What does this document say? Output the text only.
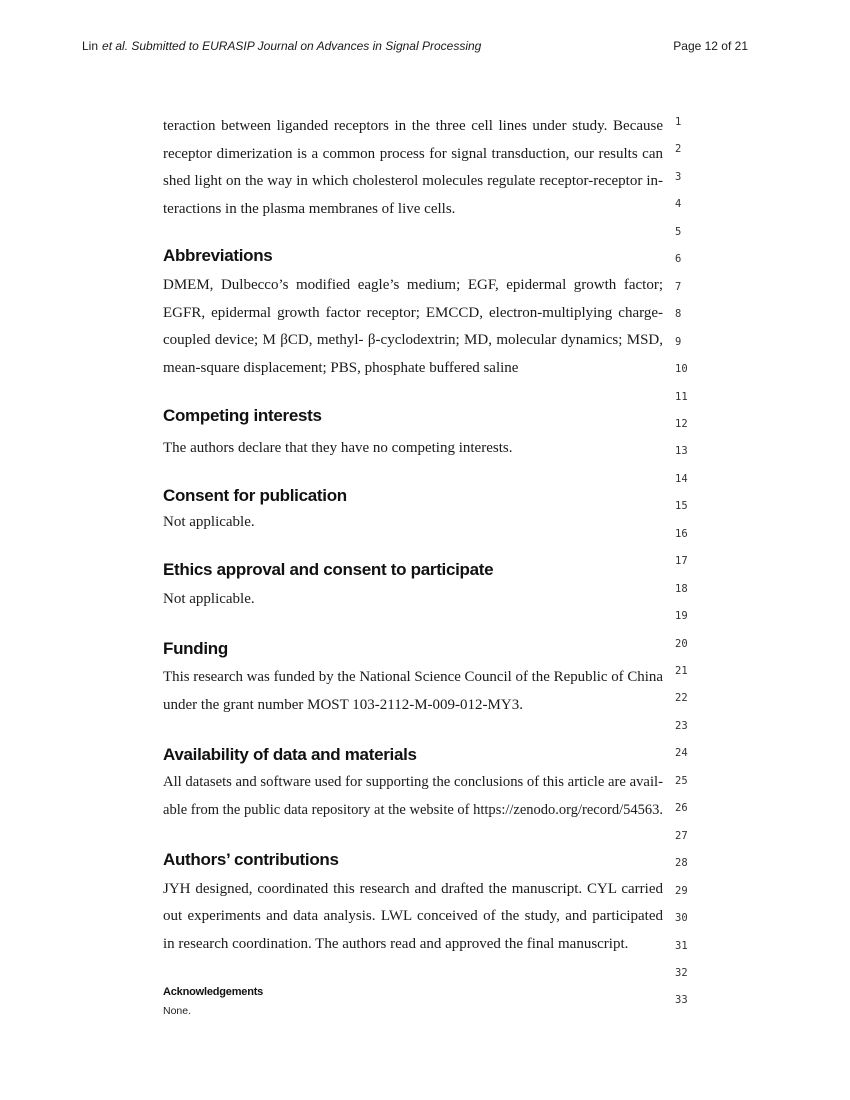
Lin et al. Submitted to EURASIP Journal on Advances in Signal Processing	Page 12 of 21
teraction between liganded receptors in the three cell lines under study. Because
receptor dimerization is a common process for signal transduction, our results can
shed light on the way in which cholesterol molecules regulate receptor-receptor in-
teractions in the plasma membranes of live cells.
Abbreviations
DMEM, Dulbecco’s modified eagle’s medium; EGF, epidermal growth factor;
EGFR, epidermal growth factor receptor; EMCCD, electron-multiplying charge-
coupled device; M βCD, methyl- β-cyclodextrin; MD, molecular dynamics; MSD,
mean-square displacement; PBS, phosphate buffered saline
Competing interests
The authors declare that they have no competing interests.
Consent for publication
Not applicable.
Ethics approval and consent to participate
Not applicable.
Funding
This research was funded by the National Science Council of the Republic of China
under the grant number MOST 103-2112-M-009-012-MY3.
Availability of data and materials
All datasets and software used for supporting the conclusions of this article are avail-
able from the public data repository at the website of https://zenodo.org/record/54563.
Authors’ contributions
JYH designed, coordinated this research and drafted the manuscript. CYL carried
out experiments and data analysis. LWL conceived of the study, and participated
in research coordination. The authors read and approved the final manuscript.
Acknowledgements
None.
1
2
3
4
5
6
7
8
9
10
11
12
13
14
15
16
17
18
19
20
21
22
23
24
25
26
27
28
29
30
31
32
33
